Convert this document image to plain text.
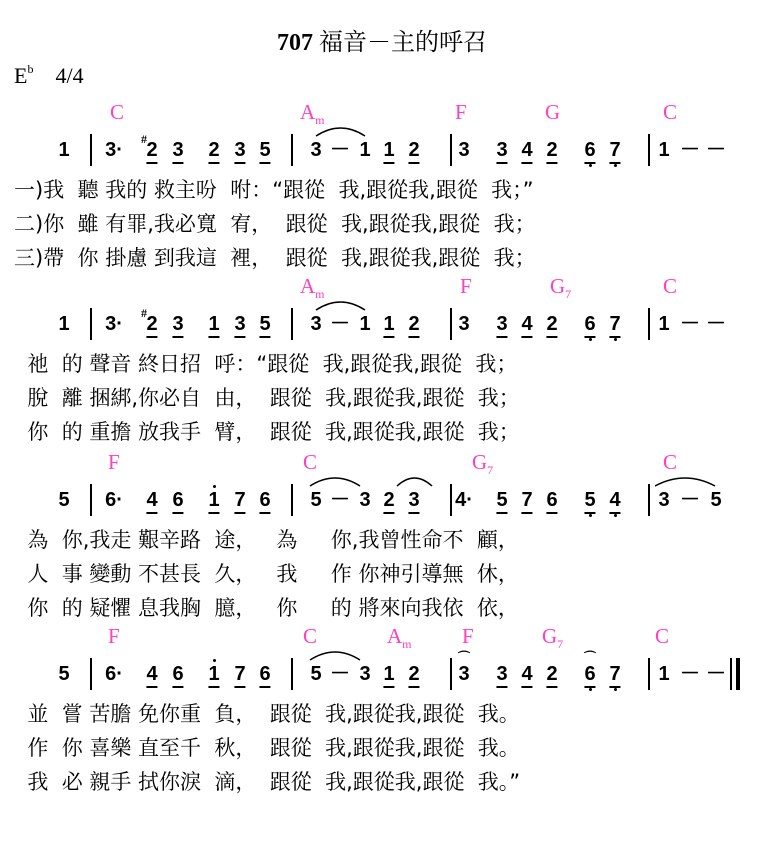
707 福音－主的呼召
$E^b$ 4/4
C	$A_m$	F	G	C
1 3· 2 3 2 3 5 3 － 1 1 2 3 3 4 2 6 7 1 － －
#
一)我  聽 我的 救主吩  咐：“跟從  我,跟從我,跟從  我；”
二)你  雖 有罪,我必寬  宥，  跟從  我,跟從我,跟從  我；
三)帶  你 掛慮 到我這  裡，  跟從  我,跟從我,跟從  我；
$A_m$	F	$G_7$	C
1 3· 2 3 1 3 5 3 － 1 1 2 3 3 4 2 6 7 1 － －
#
祂  的 聲音 終日招  呼：“跟從  我,跟從我,跟從  我；
脫  離 捆綁,你必自  由，  跟從  我,跟從我,跟從  我；
你  的 重擔 放我手  臂，  跟從  我,跟從我,跟從  我；
F	C	$G_7$	C
5 6· 4 6 1 7 6 5 － 3 2 3 4· 5 7 6 5 4 3 － 5
為  你,我走 艱辛路  途，   為     你,我曾性命不  顧，
人  事 變動 不甚長  久，   我     作 你神引導無  休，
你  的 疑懼 息我胸  臆，   你     的 將來向我依  依，
F	C	$A_m$ F	$G_7$	C
5 6· 4 6 1 7 6 5 － 3 1 2 3
⌒
3 4 2 6
⌒
7 1 － －
並  嘗 苦膽 免你重  負，  跟從  我,跟從我,跟從  我。
作  你 喜樂 直至千  秋，  跟從  我,跟從我,跟從  我。
我  必 親手 拭你淚  滴，  跟從  我,跟從我,跟從  我。”
